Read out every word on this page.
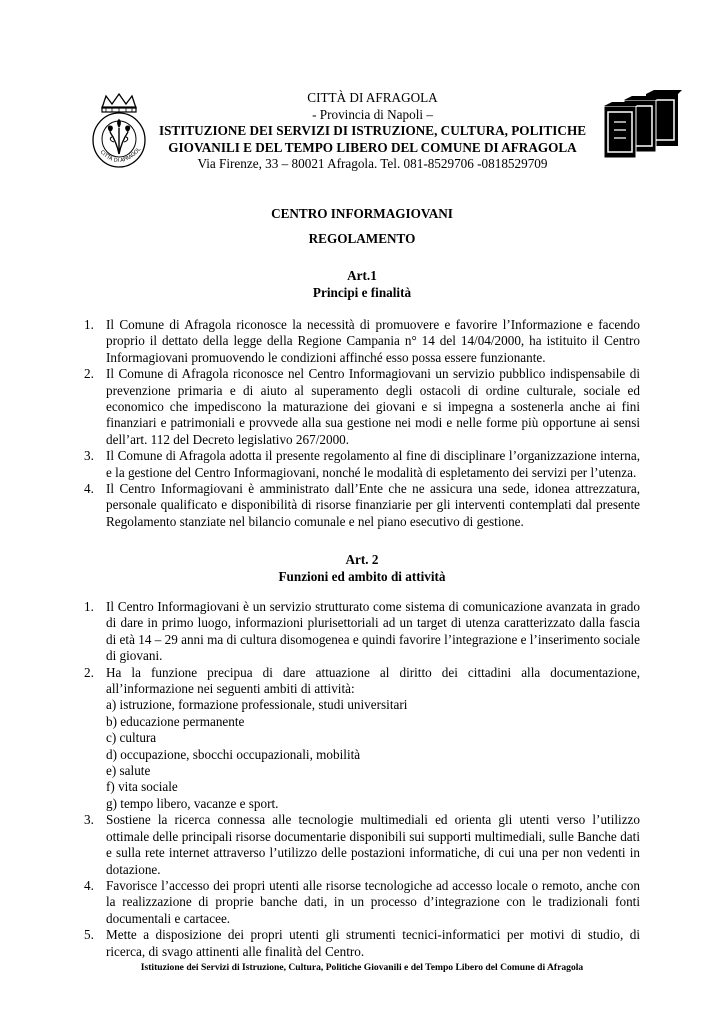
CITTÀ DI AFRAGOL
CITTÀ DI AFRAGOLA
- Provincia di Napoli –
ISTITUZIONE DEI SERVIZI DI ISTRUZIONE, CULTURA, POLITICHE
GIOVANILI E DEL TEMPO LIBERO DEL COMUNE DI AFRAGOLA
Via Firenze, 33 – 80021 Afragola. Tel. 081-8529706 -0818529709
CENTRO INFORMAGIOVANI
REGOLAMENTO
Art.1
Principi e finalità
1. Il Comune di Afragola riconosce la necessità di promuovere e favorire l’Informazione e facendo proprio il dettato della legge della Regione Campania n° 14 del 14/04/2000, ha istituito il Centro Informagiovani promuovendo le condizioni affinché esso possa essere funzionante.
2. Il Comune di Afragola riconosce nel Centro Informagiovani un servizio pubblico indispensabile di prevenzione primaria e di aiuto al superamento degli ostacoli di ordine culturale, sociale ed economico che impediscono la maturazione dei giovani e si impegna a sostenerla anche ai fini finanziari e patrimoniali e provvede alla sua gestione nei modi e nelle forme più opportune ai sensi dell’art. 112 del Decreto legislativo 267/2000.
3. Il Comune di Afragola adotta il presente regolamento al fine di disciplinare l’organizzazione interna, e la gestione del Centro Informagiovani, nonché le modalità di espletamento dei servizi per l’utenza.
4. Il Centro Informagiovani è amministrato dall’Ente che ne assicura una sede, idonea attrezzatura, personale qualificato e disponibilità di risorse finanziarie per gli interventi contemplati dal presente Regolamento stanziate nel bilancio comunale e nel piano esecutivo di gestione.
Art. 2
Funzioni ed ambito di attività
1. Il Centro Informagiovani è un servizio strutturato come sistema di comunicazione avanzata in grado di dare in primo luogo, informazioni plurisettoriali ad un target di utenza caratterizzato dalla fascia di età 14 – 29 anni ma di cultura disomogenea e quindi favorire l’integrazione e l’inserimento sociale di giovani.
2. Ha la funzione precipua di dare attuazione al diritto dei cittadini alla documentazione, all’informazione nei seguenti ambiti di attività:
a) istruzione, formazione professionale, studi universitari
b) educazione permanente
c) cultura
d) occupazione, sbocchi occupazionali, mobilità
e) salute
f) vita sociale
g) tempo libero, vacanze e sport.
3. Sostiene la ricerca connessa alle tecnologie multimediali ed orienta gli utenti verso l’utilizzo ottimale delle principali risorse documentarie disponibili sui supporti multimediali, sulle Banche dati e sulla rete internet attraverso l’utilizzo delle postazioni informatiche, di cui una per non vedenti in dotazione.
4. Favorisce l’accesso dei propri utenti alle risorse tecnologiche ad accesso locale o remoto, anche con la realizzazione di proprie banche dati, in un processo d’integrazione con le tradizionali fonti documentali e cartacee.
5. Mette a disposizione dei propri utenti gli strumenti tecnici-informatici per motivi di studio, di ricerca, di svago attinenti alle finalità del Centro.
Istituzione dei Servizi di Istruzione, Cultura, Politiche Giovanili e del Tempo Libero del Comune di Afragola
